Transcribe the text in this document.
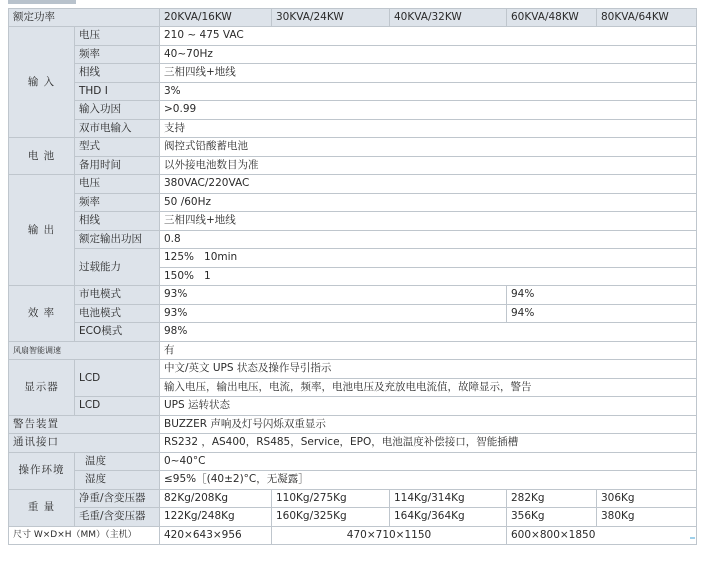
额定功率		20KVA/16KW	30KVA/24KW	40KVA/32KW	60KVA/48KW	80KVA/64KW
输 入	电压	210 ~ 475 VAC				
	频率	40~70Hz				
	相线	三相四线+地线				
	THD I	3%				
	输入功因	>0.99				
	双市电输入	支持				
电 池	型式	阀控式铅酸蓄电池				
	备用时间	以外接电池数目为准				
输 出	电压	380VAC/220VAC				
	频率	50 /60Hz				
	相线	三相四线+地线				
	额定输出功因	0.8				
	过载能力	125%   10min				
		150%   1				
效 率	市电模式	93%			94%	
	电池模式	93%			94%	
	ECO模式	98%				
风扇智能调速		有				
显示器	LCD	中文/英文 UPS 状态及操作导引指示				
		输入电压，输出电压，电流，频率，电池电压及充放电电流值，故障显示，警告				
	LCD	UPS 运转状态				
警告装置		BUZZER 声响及灯号闪烁双重显示				
通讯接口		RS232 ，AS400，RS485，Service，EPO，电池温度补偿接口，智能插槽				
操作环境	温度	0~40°C				
	湿度	≤95%［(40±2)°C，无凝露］				
重 量	净重/含变压器	82Kg/208Kg	110Kg/275Kg	114Kg/314Kg	282Kg	306Kg
	毛重/含变压器	122Kg/248Kg	160Kg/325Kg	164Kg/364Kg	356Kg	380Kg
尺寸 W×D×H（MM）（主机）		420×643×956	470×710×1150		600×800×1850	
